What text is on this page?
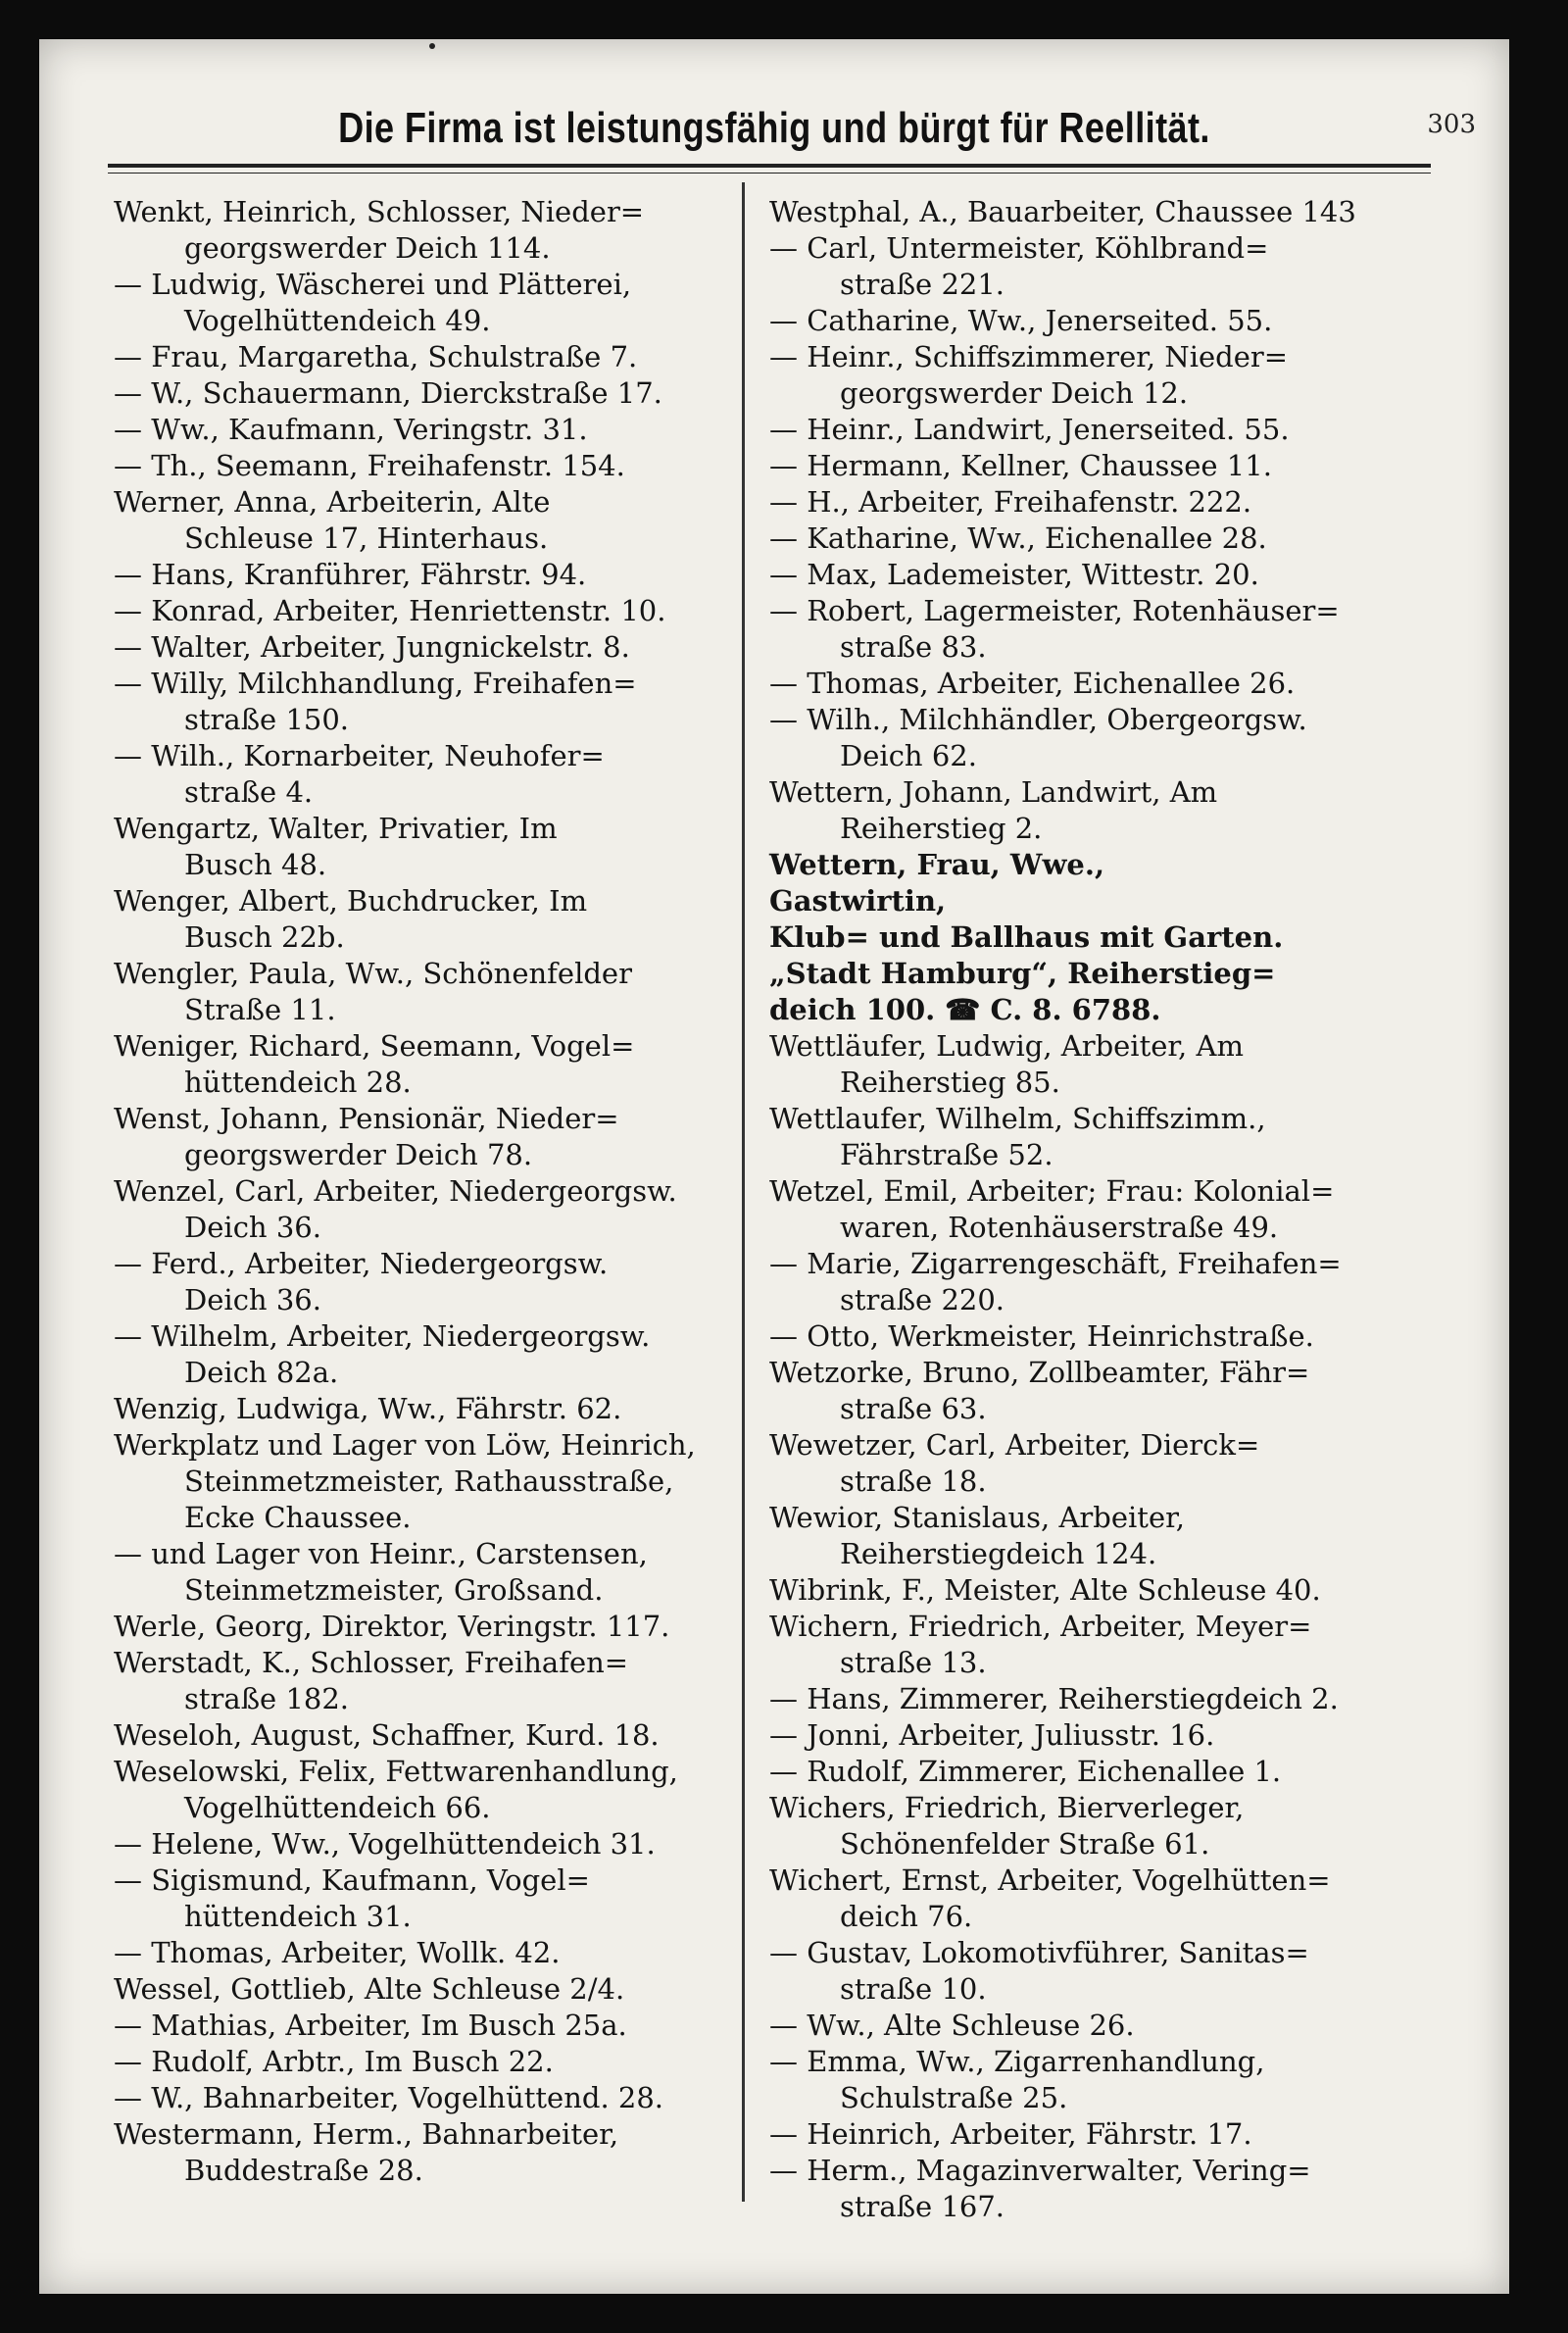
Die Firma ist leistungsfähig und bürgt für Reellität.	303
Wenkt, Heinrich, Schlosser, Nieder=
georgswerder Deich 114.
— Ludwig, Wäscherei und Plätterei,
Vogelhüttendeich 49.
— Frau, Margaretha, Schulstraße 7.
— W., Schauermann, Dierckstraße 17.
— Ww., Kaufmann, Veringstr. 31.
— Th., Seemann, Freihafenstr. 154.
Werner, Anna, Arbeiterin, Alte
Schleuse 17, Hinterhaus.
— Hans, Kranführer, Fährstr. 94.
— Konrad, Arbeiter, Henriettenstr. 10.
— Walter, Arbeiter, Jungnickelstr. 8.
— Willy, Milchhandlung, Freihafen=
straße 150.
— Wilh., Kornarbeiter, Neuhofer=
straße 4.
Wengartz, Walter, Privatier, Im
Busch 48.
Wenger, Albert, Buchdrucker, Im
Busch 22b.
Wengler, Paula, Ww., Schönenfelder
Straße 11.
Weniger, Richard, Seemann, Vogel=
hüttendeich 28.
Wenst, Johann, Pensionär, Nieder=
georgswerder Deich 78.
Wenzel, Carl, Arbeiter, Niedergeorgsw.
Deich 36.
— Ferd., Arbeiter, Niedergeorgsw.
Deich 36.
— Wilhelm, Arbeiter, Niedergeorgsw.
Deich 82a.
Wenzig, Ludwiga, Ww., Fährstr. 62.
Werkplatz und Lager von Löw, Heinrich,
Steinmetzmeister, Rathausstraße,
Ecke Chaussee.
— und Lager von Heinr., Carstensen,
Steinmetzmeister, Großsand.
Werle, Georg, Direktor, Veringstr. 117.
Werstadt, K., Schlosser, Freihafen=
straße 182.
Weseloh, August, Schaffner, Kurd. 18.
Weselowski, Felix, Fettwarenhandlung,
Vogelhüttendeich 66.
— Helene, Ww., Vogelhüttendeich 31.
— Sigismund, Kaufmann, Vogel=
hüttendeich 31.
— Thomas, Arbeiter, Wollk. 42.
Wessel, Gottlieb, Alte Schleuse 2/4.
— Mathias, Arbeiter, Im Busch 25a.
— Rudolf, Arbtr., Im Busch 22.
— W., Bahnarbeiter, Vogelhüttend. 28.
Westermann, Herm., Bahnarbeiter,
Buddestraße 28.
Westphal, A., Bauarbeiter, Chaussee 143
— Carl, Untermeister, Köhlbrand=
straße 221.
— Catharine, Ww., Jenerseited. 55.
— Heinr., Schiffszimmerer, Nieder=
georgswerder Deich 12.
— Heinr., Landwirt, Jenerseited. 55.
— Hermann, Kellner, Chaussee 11.
— H., Arbeiter, Freihafenstr. 222.
— Katharine, Ww., Eichenallee 28.
— Max, Lademeister, Wittestr. 20.
— Robert, Lagermeister, Rotenhäuser=
straße 83.
— Thomas, Arbeiter, Eichenallee 26.
— Wilh., Milchhändler, Obergeorgsw.
Deich 62.
Wettern, Johann, Landwirt, Am
Reiherstieg 2.
Wettern, Frau, Wwe.,
Gastwirtin,
Klub= und Ballhaus mit Garten.
„Stadt Hamburg“, Reiherstieg=
deich 100. ☎ C. 8. 6788.
Wettläufer, Ludwig, Arbeiter, Am
Reiherstieg 85.
Wettlaufer, Wilhelm, Schiffszimm.,
Fährstraße 52.
Wetzel, Emil, Arbeiter; Frau: Kolonial=
waren, Rotenhäuserstraße 49.
— Marie, Zigarrengeschäft, Freihafen=
straße 220.
— Otto, Werkmeister, Heinrichstraße.
Wetzorke, Bruno, Zollbeamter, Fähr=
straße 63.
Wewetzer, Carl, Arbeiter, Dierck=
straße 18.
Wewior, Stanislaus, Arbeiter,
Reiherstiegdeich 124.
Wibrink, F., Meister, Alte Schleuse 40.
Wichern, Friedrich, Arbeiter, Meyer=
straße 13.
— Hans, Zimmerer, Reiherstiegdeich 2.
— Jonni, Arbeiter, Juliusstr. 16.
— Rudolf, Zimmerer, Eichenallee 1.
Wichers, Friedrich, Bierverleger,
Schönenfelder Straße 61.
Wichert, Ernst, Arbeiter, Vogelhütten=
deich 76.
— Gustav, Lokomotivführer, Sanitas=
straße 10.
— Ww., Alte Schleuse 26.
— Emma, Ww., Zigarrenhandlung,
Schulstraße 25.
— Heinrich, Arbeiter, Fährstr. 17.
— Herm., Magazinverwalter, Vering=
straße 167.
